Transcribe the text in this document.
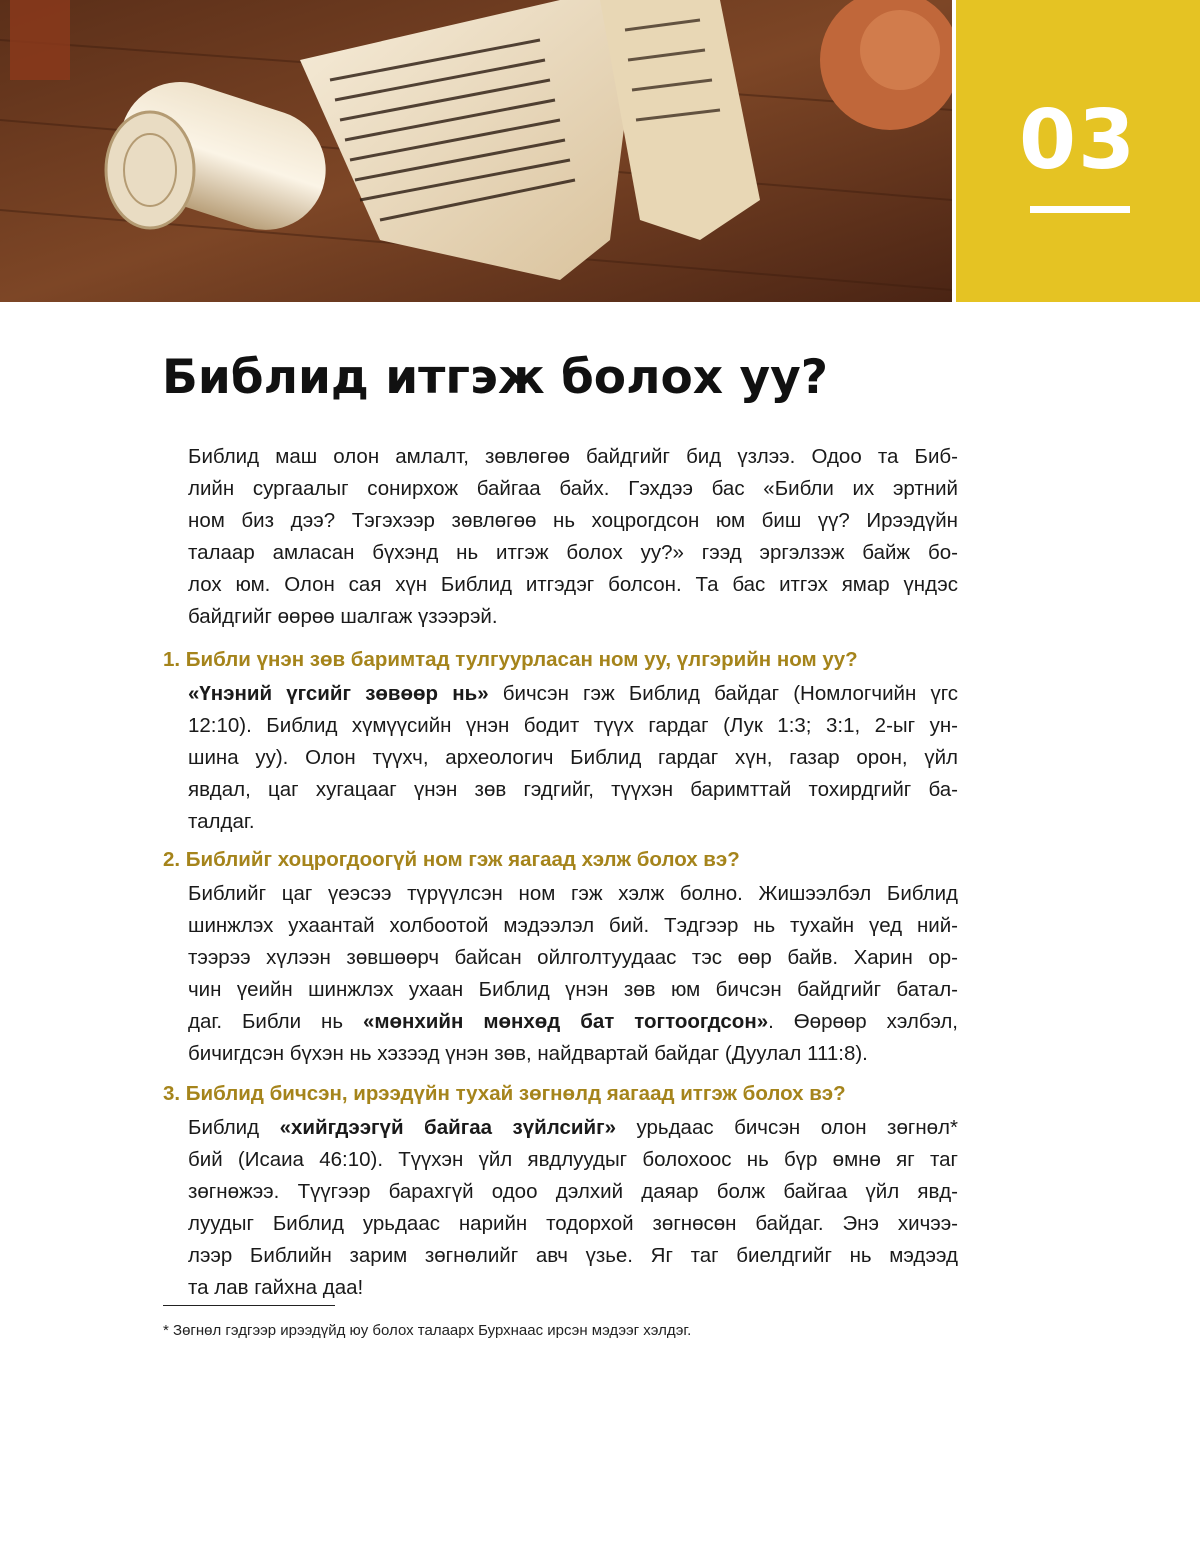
03
Библид итгэж болох уу?

Библид маш олон амлалт, зөвлөгөө байдгийг бид үзлээ. Одоо та Биб-
лийн сургаалыг сонирхож байгаа байх. Гэхдээ бас «Библи их эртний
ном биз дээ? Тэгэхээр зөвлөгөө нь хоцрогдсон юм биш үү? Ирээдүйн
талаар амласан бүхэнд нь итгэж болох уу?» гээд эргэлзэж байж бо-
лох юм. Олон сая хүн Библид итгэдэг болсон. Та бас итгэх ямар үндэс
байдгийг өөрөө шалгаж үзээрэй.

1. Библи үнэн зөв баримтад тулгуурласан ном уу, үлгэрийн ном уу?

«Үнэний үгсийг зөвөөр нь» бичсэн гэж Библид байдаг (Номлогчийн үгс
12:10). Библид хүмүүсийн үнэн бодит түүх гардаг (Лук 1:3; 3:1, 2-ыг ун-
шина уу). Олон түүхч, археологич Библид гардаг хүн, газар орон, үйл
явдал, цаг хугацааг үнэн зөв гэдгийг, түүхэн баримттай тохирдгийг ба-
талдаг.

2. Библийг хоцрогдоогүй ном гэж яагаад хэлж болох вэ?

Библийг цаг үеэсээ түрүүлсэн ном гэж хэлж болно. Жишээлбэл Библид
шинжлэх ухаантай холбоотой мэдээлэл бий. Тэдгээр нь тухайн үед ний-
тээрээ хүлээн зөвшөөрч байсан ойлголтуудаас тэс өөр байв. Харин ор-
чин үеийн шинжлэх ухаан Библид үнэн зөв юм бичсэн байдгийг батал-
даг. Библи нь «мөнхийн мөнхөд бат тогтоогдсон». Өөрөөр хэлбэл,
бичигдсэн бүхэн нь хэзээд үнэн зөв, найдвартай байдаг (Дуулал 111:8).

3. Библид бичсэн, ирээдүйн тухай зөгнөлд яагаад итгэж болох вэ?

Библид «хийгдээгүй байгаа зүйлсийг» урьдаас бичсэн олон зөгнөл*
бий (Исаиа 46:10). Түүхэн үйл явдлуудыг болохоос нь бүр өмнө яг таг
зөгнөжээ. Түүгээр барахгүй одоо дэлхий даяар болж байгаа үйл явд-
луудыг Библид урьдаас нарийн тодорхой зөгнөсөн байдаг. Энэ хичээ-
лээр Библийн зарим зөгнөлийг авч үзье. Яг таг биелдгийг нь мэдээд
та лав гайхна даа!

* Зөгнөл гэдгээр ирээдүйд юу болох талаарх Бурхнаас ирсэн мэдээг хэлдэг.
